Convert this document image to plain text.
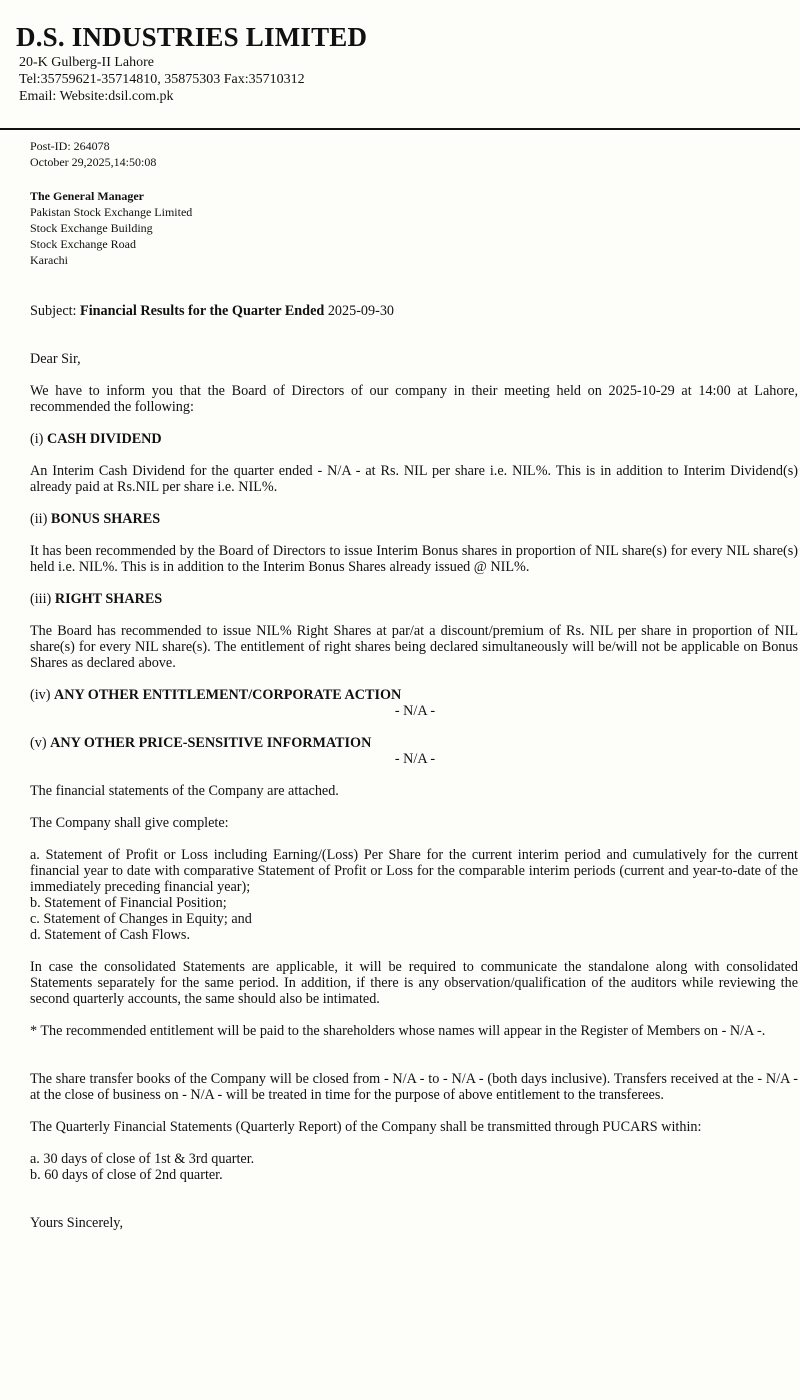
D.S. INDUSTRIES LIMITED
20-K Gulberg-II Lahore
Tel:35759621-35714810, 35875303 Fax:35710312
Email: Website:dsil.com.pk
Post-ID: 264078
October 29,2025,14:50:08
The General Manager
Pakistan Stock Exchange Limited
Stock Exchange Building
Stock Exchange Road
Karachi
Subject: Financial Results for the Quarter Ended 2025-09-30
Dear Sir,

We have to inform you that the Board of Directors of our company in their meeting held on 2025-10-29 at 14:00 at Lahore, recommended the following:

(i) CASH DIVIDEND

An Interim Cash Dividend for the quarter ended - N/A - at Rs. NIL per share i.e. NIL%. This is in addition to Interim Dividend(s) already paid at Rs.NIL per share i.e. NIL%.

(ii) BONUS SHARES

It has been recommended by the Board of Directors to issue Interim Bonus shares in proportion of NIL share(s) for every NIL share(s) held i.e. NIL%. This is in addition to the Interim Bonus Shares already issued @ NIL%.

(iii) RIGHT SHARES

The Board has recommended to issue NIL% Right Shares at par/at a discount/premium of Rs. NIL per share in proportion of NIL share(s) for every NIL share(s). The entitlement of right shares being declared simultaneously will be/will not be applicable on Bonus Shares as declared above.

(iv) ANY OTHER ENTITLEMENT/CORPORATE ACTION
- N/A -
(v) ANY OTHER PRICE-SENSITIVE INFORMATION
- N/A -
The financial statements of the Company are attached.
The Company shall give complete:

a. Statement of Profit or Loss including Earning/(Loss) Per Share for the current interim period and cumulatively for the current financial year to date with comparative Statement of Profit or Loss for the comparable interim periods (current and year-to-date of the immediately preceding financial year);

b. Statement of Financial Position;
c. Statement of Changes in Equity; and
d. Statement of Cash Flows.

In case the consolidated Statements are applicable, it will be required to communicate the standalone along with consolidated Statements separately for the same period. In addition, if there is any observation/qualification of the auditors while reviewing the second quarterly accounts, the same should also be intimated.

* The recommended entitlement will be paid to the shareholders whose names will appear in the Register of Members on - N/A -.

The share transfer books of the Company will be closed from - N/A - to - N/A - (both days inclusive). Transfers received at the - N/A - at the close of business on - N/A - will be treated in time for the purpose of above entitlement to the transferees.

The Quarterly Financial Statements (Quarterly Report) of the Company shall be transmitted through PUCARS within:

a. 30 days of close of 1st & 3rd quarter.
b. 60 days of close of 2nd quarter.
Yours Sincerely,
